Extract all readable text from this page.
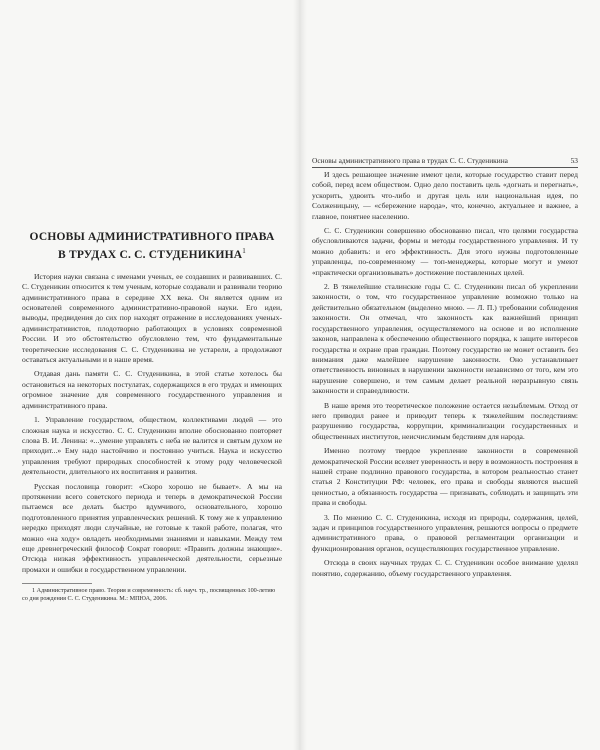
ОСНОВЫ АДМИНИСТРАТИВНОГО ПРАВА
В ТРУДАХ С. С. СТУДЕНИКИНА$^1$

История науки связана с именами ученых, ее создавших и развивавших. С. С. Студеникин относится к тем ученым, которые создавали и развивали теорию административного права в середине XX века. Он является одним из основателей современного административно-правовой науки. Его идеи, выводы, предвидения до сих пор находят отражение в исследованиях ученых-административистов, плодотворно работающих в условиях современной России. И это обстоятельство обусловлено тем, что фундаментальные теоретические исследования С. С. Студеникина не устарели, а продолжают оставаться актуальными и в наше время.

Отдавая дань памяти С. С. Студеникина, в этой статье хотелось бы остановиться на некоторых постулатах, содержащихся в его трудах и имеющих огромное значение для современного государственного управления и административного права.

1. Управление государством, обществом, коллективами людей — это сложная наука и искусство. С. С. Студеникин вполне обоснованно повторяет слова В. И. Ленина: «...умение управлять с неба не валится и святым духом не приходит...» Ему надо настойчиво и постоянно учиться. Наука и искусство управления требуют природных способностей к этому роду человеческой деятельности, длительного их воспитания и развития.

Русская пословица говорит: «Скоро хорошо не бывает». А мы на протяжении всего советского периода и теперь в демократической России пытаемся все делать быстро вдумчивого, основательного, хорошо подготовленного принятия управленческих решений. К тому же к управлению нередко приходят люди случайные, не готовые к такой работе, полагая, что можно «на ходу» овладеть необходимыми знаниями и навыками. Между тем еще древнегреческий философ Сократ говорил: «Править должны знающие». Отсюда низкая эффективность управленческой деятельности, серьезные промахи и ошибки в государственном управлении.

1 Административное право. Теория и современность: сб. науч. тр., посвященных 100-летию со дня рождения С. С. Студеникина. М.: МПЮА, 2006.

Основы административного права в трудах С. С. Студеникина	53

И здесь решающее значение имеют цели, которые государство ставит перед собой, перед всем обществом. Одно дело поставить цель «догнать и перегнать», ускорить, удвоить что-либо и другая цель или национальная идея, по Солженицыну, — «сбережение народа», что, конечно, актуальнее и важнее, а главное, понятнее населению.

С. С. Студеникин совершенно обоснованно писал, что целями государства обусловливаются задачи, формы и методы государственного управления. И ту можно добавить: и его эффективность. Для этого нужны подготовленные управленцы, по-современному — топ-менеджеры, которые могут и умеют «практически организовывать» достижение поставленных целей.

2. В тяжелейшие сталинские годы С. С. Студеникин писал об укреплении законности, о том, что государственное управление возможно только на действительно обязательном (выделено мною. — Л. П.) требовании соблюдения законности. Он отмечал, что законность как важнейший принцип государственного управления, осуществляемого на основе и во исполнение законов, направлена к обеспечению общественного порядка, к защите интересов государства и охране прав граждан. Поэтому государство не может оставить без внимания даже малейшее нарушение законности. Оно устанавливает ответственность виновных в нарушении законности независимо от того, кем это нарушение совершено, и тем самым делает реальной неразрывную связь законности и справедливости.

В наше время это теоретическое положение остается незыблемым. Отход от него приводил ранее и приводит теперь к тяжелейшим последствиям: разрушению государства, коррупции, криминализации государственных и общественных институтов, неисчислимым бедствиям для народа.

Именно поэтому твердое укрепление законности в современной демократической России вселяет уверенность и веру в возможность построения в нашей стране подлинно правового государства, в котором реальностью станет статья 2 Конституции РФ: человек, его права и свободы являются высшей ценностью, а обязанность государства — признавать, соблюдать и защищать эти права и свободы.

3. По мнению С. С. Студеникина, исходя из природы, содержания, целей, задач и принципов государственного управления, решаются вопросы о предмете административного права, о правовой регламентации организации и функционирования органов, осуществляющих государственное управление.

Отсюда в своих научных трудах С. С. Студеникин особое внимание уделял понятию, содержанию, объему государственного управления.
